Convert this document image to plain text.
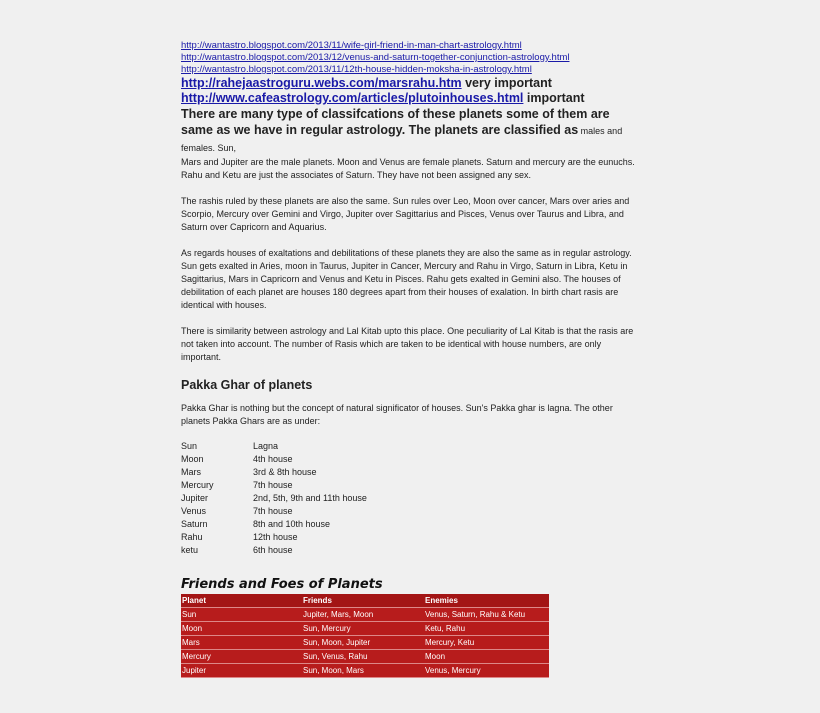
http://wantastro.blogspot.com/2013/11/wife-girl-friend-in-man-chart-astrology.html
http://wantastro.blogspot.com/2013/12/venus-and-saturn-together-conjunction-astrology.html
http://wantastro.blogspot.com/2013/11/12th-house-hidden-moksha-in-astrology.html
http://rahejaastroguru.webs.com/marsrahu.htm very important
http://www.cafeastrology.com/articles/plutoinhouses.html important
There are many type of classifcations of these planets some of them are same as we have in regular astrology. The planets are classified as males and females. Sun,

Mars and Jupiter are the male planets. Moon and Venus are female planets. Saturn and mercury are the eunuchs. Rahu and Ketu are just the associates of Saturn. They have not been assigned any sex.

The rashis ruled by these planets are also the same. Sun rules over Leo, Moon over cancer, Mars over aries and Scorpio, Mercury over Gemini and Virgo, Jupiter over Sagittarius and Pisces, Venus over Taurus and Libra, and Saturn over Capricorn and Aquarius.

As regards houses of exaltations and debilitations of these planets they are also the same as in regular astrology. Sun gets exalted in Aries, moon in Taurus, Jupiter in Cancer, Mercury and Rahu in Virgo, Saturn in Libra, Ketu in Sagittarius, Mars in Capricorn and Venus and Ketu in Pisces. Rahu gets exalted in Gemini also. The houses of debilitation of each planet are houses 180 degrees apart from their houses of exalation. In birth chart rasis are identical with houses.

There is similarity between astrology and Lal Kitab upto this place. One peculiarity of Lal Kitab is that the rasis are not taken into account. The number of Rasis which are taken to be identical with house numbers, are only important.

Pakka Ghar of planets

Pakka Ghar is nothing but the concept of natural significator of houses. Sun's Pakka ghar is lagna. The other planets Pakka Ghars are as under:

Sun	Lagna
Moon	4th house
Mars	3rd & 8th house
Mercury	7th house
Jupiter	2nd, 5th, 9th and 11th house
Venus	7th house
Saturn	8th and 10th house
Rahu	12th house
ketu	6th house
Friends and Foes of Planets
Planet	Friends	Enemies
Sun	Jupiter, Mars, Moon	Venus, Saturn, Rahu & Ketu
Moon	Sun, Mercury	Ketu, Rahu
Mars	Sun, Moon, Jupiter	Mercury, Ketu
Mercury	Sun, Venus, Rahu	Moon
Jupiter	Sun, Moon, Mars	Venus, Mercury
